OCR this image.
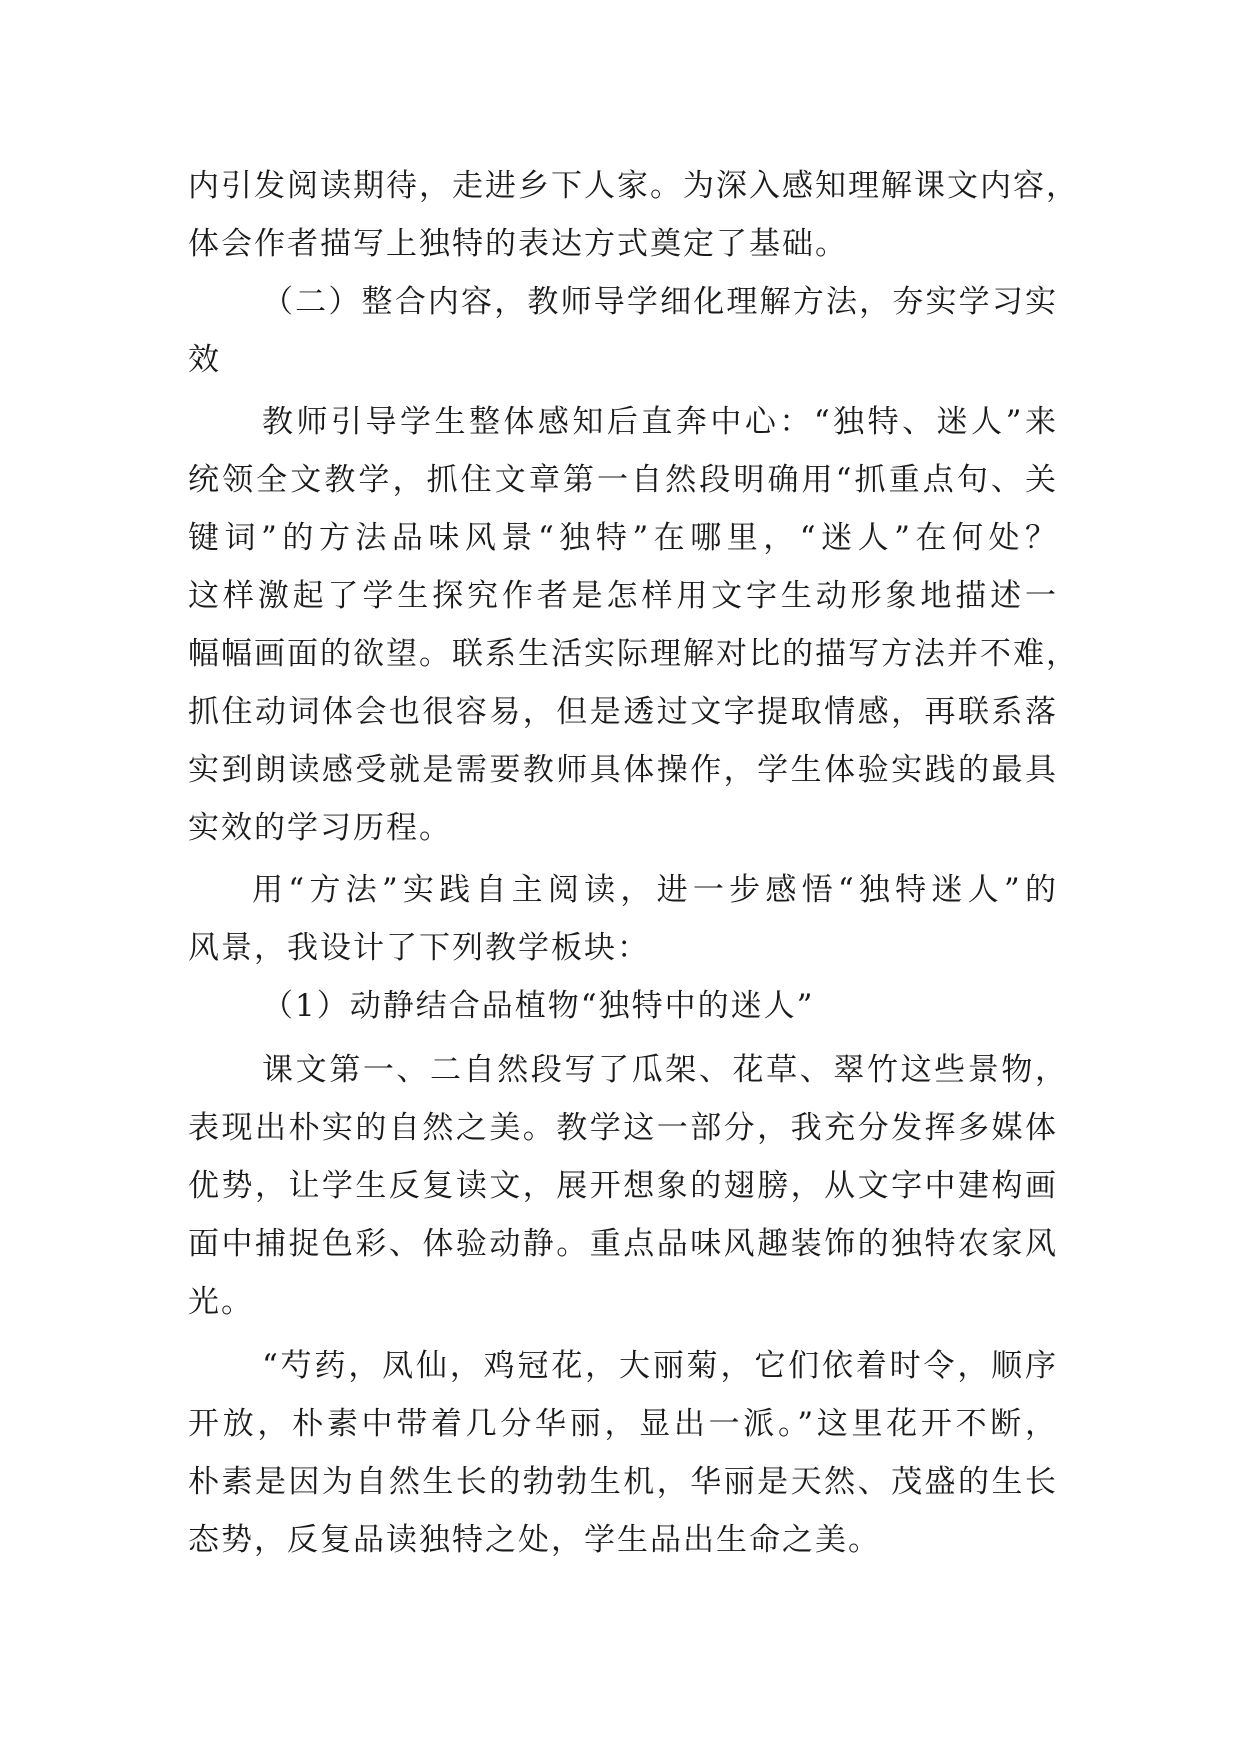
内引发阅读期待，走进乡下人家。为深入感知理解课文内容，
体会作者描写上独特的表达方式奠定了基础。
（二）整合内容，教师导学细化理解方法，夯实学习实
效
教师引导学生整体感知后直奔中心：“独特、迷人”来
统领全文教学，抓住文章第一自然段明确用“抓重点句、关
键词”的方法品味风景“独特”在哪里，“迷人”在何处？
这样激起了学生探究作者是怎样用文字生动形象地描述一
幅幅画面的欲望。联系生活实际理解对比的描写方法并不难，
抓住动词体会也很容易，但是透过文字提取情感，再联系落
实到朗读感受就是需要教师具体操作，学生体验实践的最具
实效的学习历程。
用“方法”实践自主阅读，进一步感悟“独特迷人”的
风景，我设计了下列教学板块：
（1）动静结合品植物“独特中的迷人”
课文第一、二自然段写了瓜架、花草、翠竹这些景物，
表现出朴实的自然之美。教学这一部分，我充分发挥多媒体
优势，让学生反复读文，展开想象的翅膀，从文字中建构画
面中捕捉色彩、体验动静。重点品味风趣装饰的独特农家风
光。
“芍药，凤仙，鸡冠花，大丽菊，它们依着时令，顺序
开放，朴素中带着几分华丽，显出一派。”这里花开不断，
朴素是因为自然生长的勃勃生机，华丽是天然、茂盛的生长
态势，反复品读独特之处，学生品出生命之美。
